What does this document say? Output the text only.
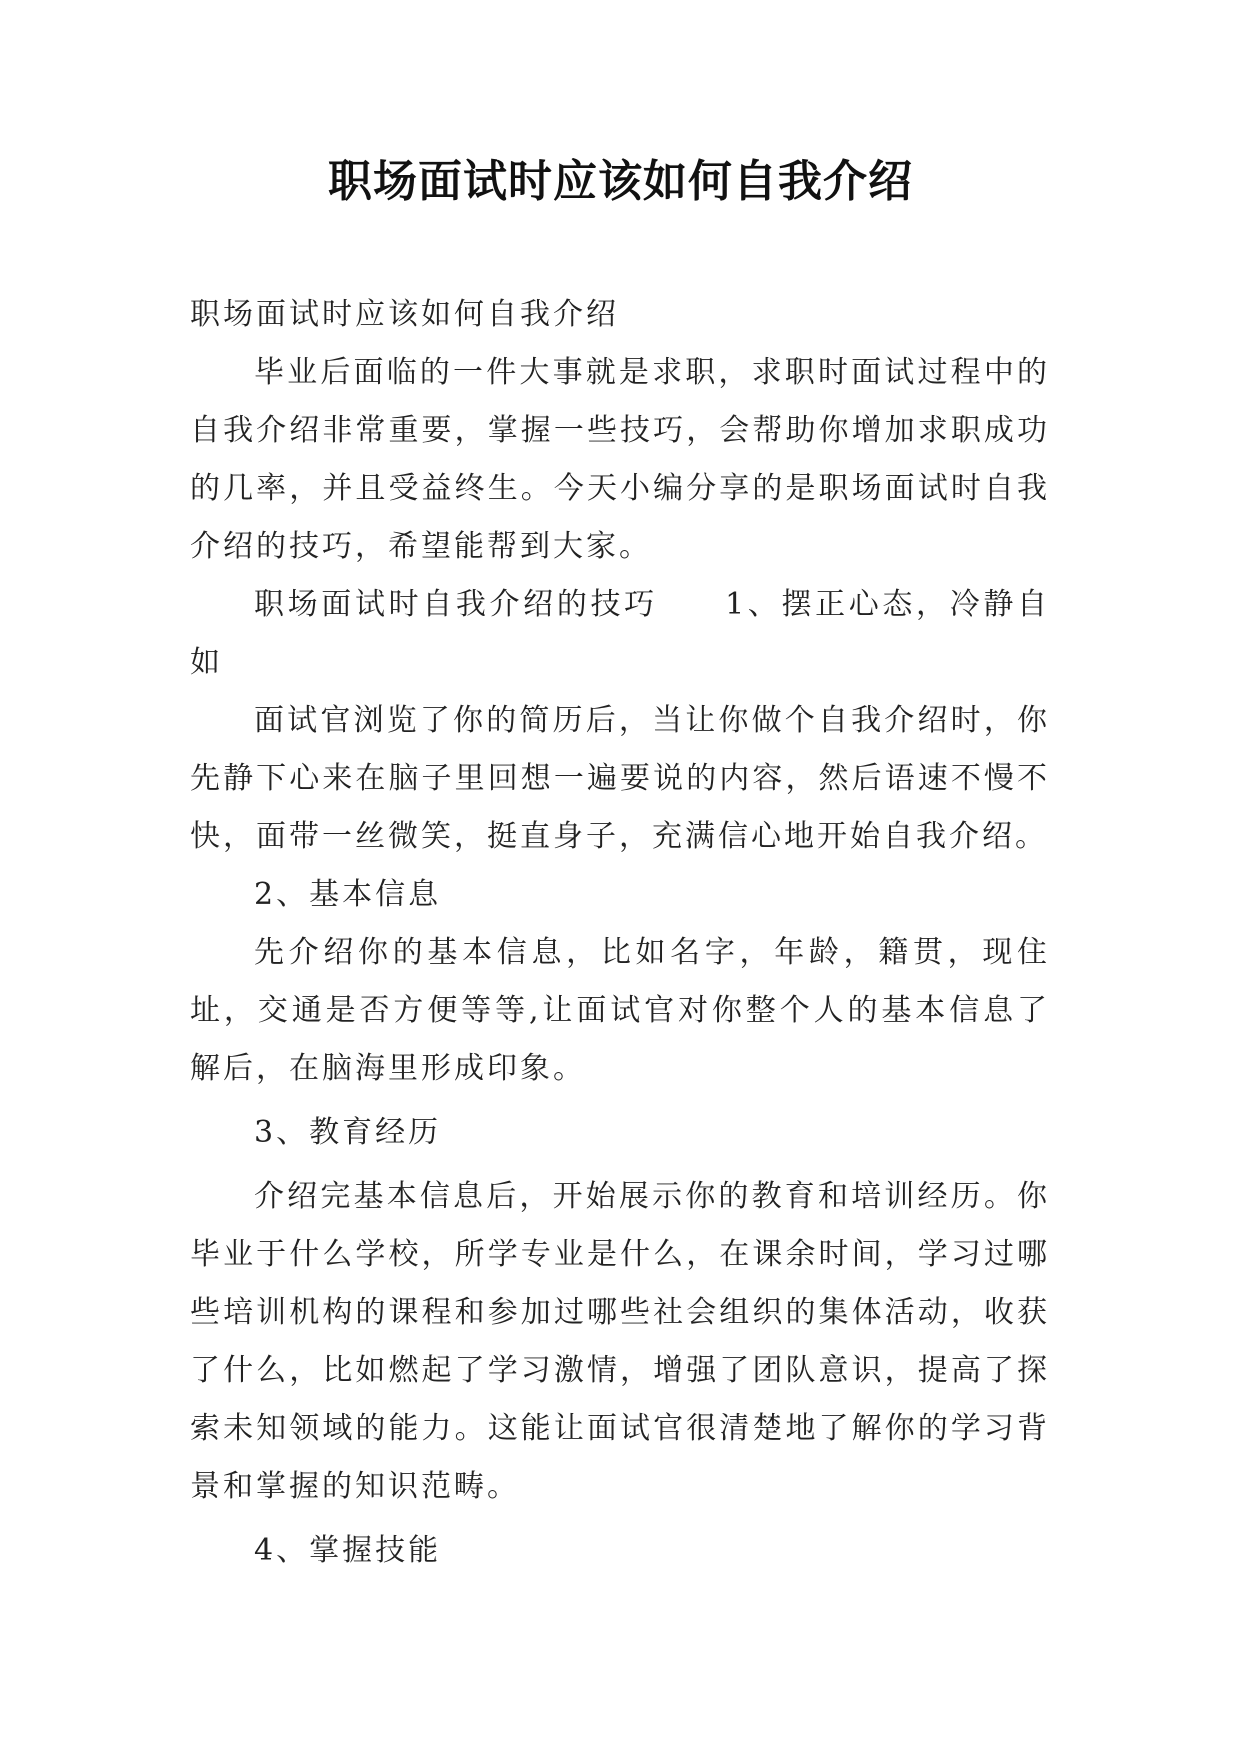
职场面试时应该如何自我介绍

职场面试时应该如何自我介绍

毕业后面临的一件大事就是求职，求职时面试过程中的自我介绍非常重要，掌握一些技巧，会帮助你增加求职成功的几率，并且受益终生。今天小编分享的是职场面试时自我介绍的技巧，希望能帮到大家。

职场面试时自我介绍的技巧　　1、摆正心态，冷静自如

面试官浏览了你的简历后，当让你做个自我介绍时，你先静下心来在脑子里回想一遍要说的内容，然后语速不慢不快，面带一丝微笑，挺直身子，充满信心地开始自我介绍。

2、基本信息

先介绍你的基本信息，比如名字，年龄，籍贯，现住址，交通是否方便等等,让面试官对你整个人的基本信息了解后，在脑海里形成印象。

3、教育经历

介绍完基本信息后，开始展示你的教育和培训经历。你毕业于什么学校，所学专业是什么，在课余时间，学习过哪些培训机构的课程和参加过哪些社会组织的集体活动，收获了什么，比如燃起了学习激情，增强了团队意识，提高了探索未知领域的能力。这能让面试官很清楚地了解你的学习背景和掌握的知识范畴。

4、掌握技能
